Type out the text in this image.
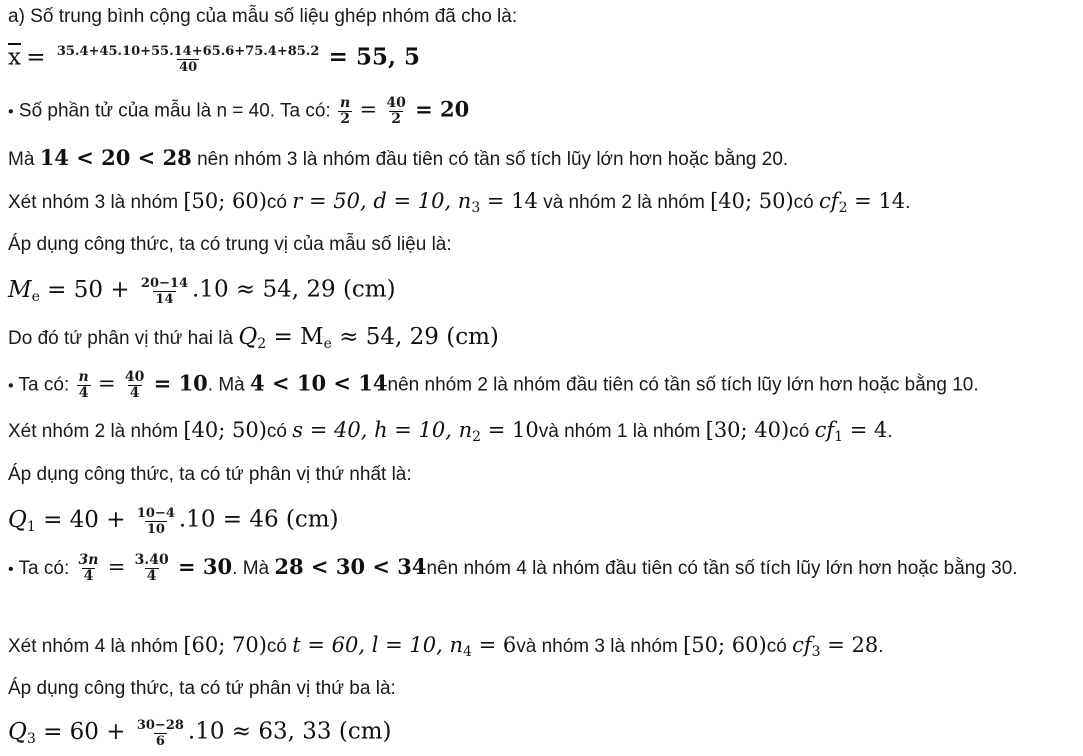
a) Số trung bình cộng của mẫu số liệu ghép nhóm đã cho là:
$\overline{x} = \frac{35.4+45.10+55.14+65.6+75.4+85.2}{40} = 55$, 5
• Số phần tử của mẫu là n = 40. Ta có: $\frac{n}{2} = \frac{40}{2} = 20$
Mà 14 < 20 < 28 nên nhóm 3 là nhóm đầu tiên có tần số tích lũy lớn hơn hoặc bằng 20.
Xét nhóm 3 là nhóm [50; 60)có r = 50, d = 10, $n_3 = 14$ và nhóm 2 là nhóm [40; 50)có $cf_2 = 14$.
Áp dụng công thức, ta có trung vị của mẫu số liệu là:
$M_e = 50 + \frac{20-14}{14} .10 \approx 54$, 29 (cm)
Do đó tứ phân vị thứ hai là $Q_2 = M_e \approx 54$, 29 (cm)
• Ta có: $\frac{n}{4} = \frac{40}{4} = 10$. Mà 4 < 10 < 14nên nhóm 2 là nhóm đầu tiên có tần số tích lũy lớn hơn hoặc bằng 10.
Xét nhóm 2 là nhóm [40; 50)có s = 40, h = 10, $n_2$ = 10và nhóm 1 là nhóm [30; 40)có $cf_1 = 4$.
Áp dụng công thức, ta có tứ phân vị thứ nhất là:
$Q_1 = 40 + \frac{10-4}{10} .10 = 46$ (cm)
• Ta có: $\frac{3n}{4} = \frac{3.40}{4} = 30$. Mà 28 < 30 < 34nên nhóm 4 là nhóm đầu tiên có tần số tích lũy lớn hơn hoặc bằng 30.
Xét nhóm 4 là nhóm [60; 70)có t = 60, l = 10, $n_4$ = 6và nhóm 3 là nhóm [50; 60)có $cf_3 = 28$.
Áp dụng công thức, ta có tứ phân vị thứ ba là:
$Q_3 = 60 + \frac{30-28}{6} .10 \approx 63$, 33 (cm)
